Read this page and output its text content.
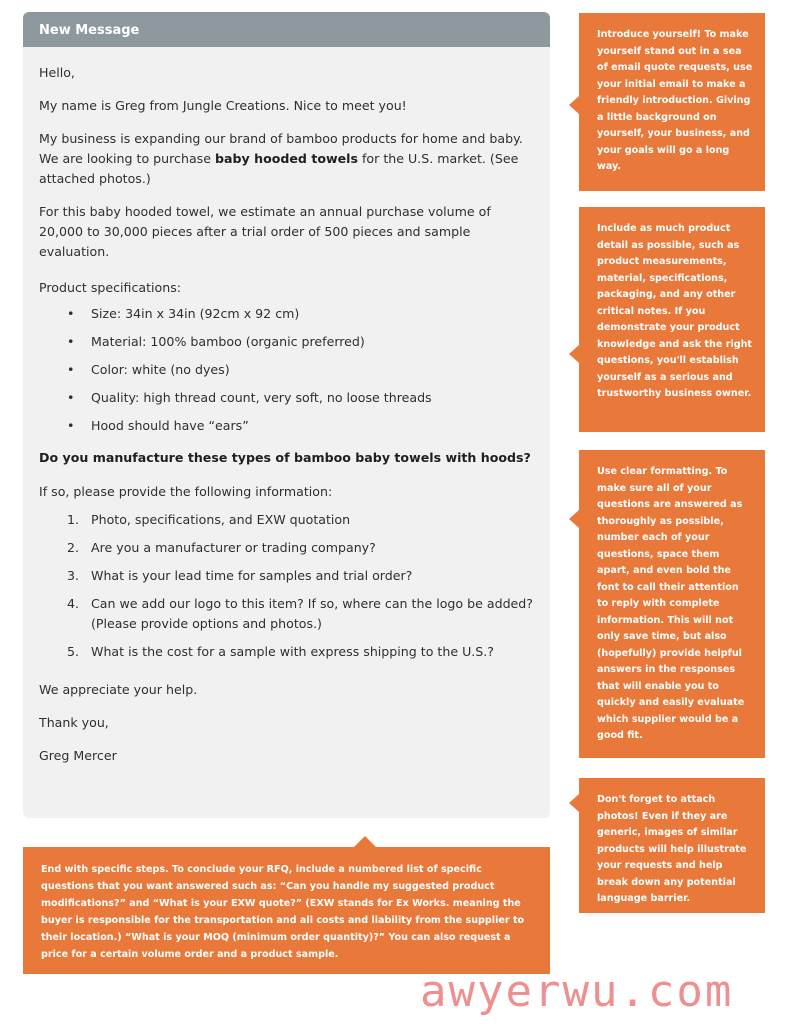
New Message

Hello,

My name is Greg from Jungle Creations. Nice to meet you!

My business is expanding our brand of bamboo products for home and baby. We are looking to purchase baby hooded towels for the U.S. market. (See attached photos.)

For this baby hooded towel, we estimate an annual purchase volume of 20,000 to 30,000 pieces after a trial order of 500 pieces and sample evaluation.

Product specifications:

• Size: 34in x 34in (92cm x 92 cm)
• Material: 100% bamboo (organic preferred)
• Color: white (no dyes)
• Quality: high thread count, very soft, no loose threads
• Hood should have “ears”

Do you manufacture these types of bamboo baby towels with hoods?

If so, please provide the following information:

1. Photo, specifications, and EXW quotation
2. Are you a manufacturer or trading company?
3. What is your lead time for samples and trial order?
4. Can we add our logo to this item? If so, where can the logo be added? (Please provide options and photos.)
5. What is the cost for a sample with express shipping to the U.S.?

We appreciate your help.

Thank you,

Greg Mercer

Introduce yourself! To make yourself stand out in a sea of email quote requests, use your initial email to make a friendly introduction. Giving a little background on yourself, your business, and your goals will go a long way.
Include as much product detail as possible, such as product measurements, material, specifications, packaging, and any other critical notes. If you demonstrate your product knowledge and ask the right questions, you'll establish yourself as a serious and trustworthy business owner.
Use clear formatting. To make sure all of your questions are answered as thoroughly as possible, number each of your questions, space them apart, and even bold the font to call their attention to reply with complete information. This will not only save time, but also (hopefully) provide helpful answers in the responses that will enable you to quickly and easily evaluate which supplier would be a good fit.
Don't forget to attach photos! Even if they are generic, images of similar products will help illustrate your requests and help break down any potential language barrier.
End with specific steps. To conclude your RFQ, include a numbered list of specific questions that you want answered such as: “Can you handle my suggested product modifications?” and “What is your EXW quote?” (EXW stands for Ex Works. meaning the buyer is responsible for the transportation and all costs and liability from the supplier to their location.) “What is your MOQ (minimum order quantity)?” You can also request a price for a certain volume order and a product sample.
awyerwu.com
